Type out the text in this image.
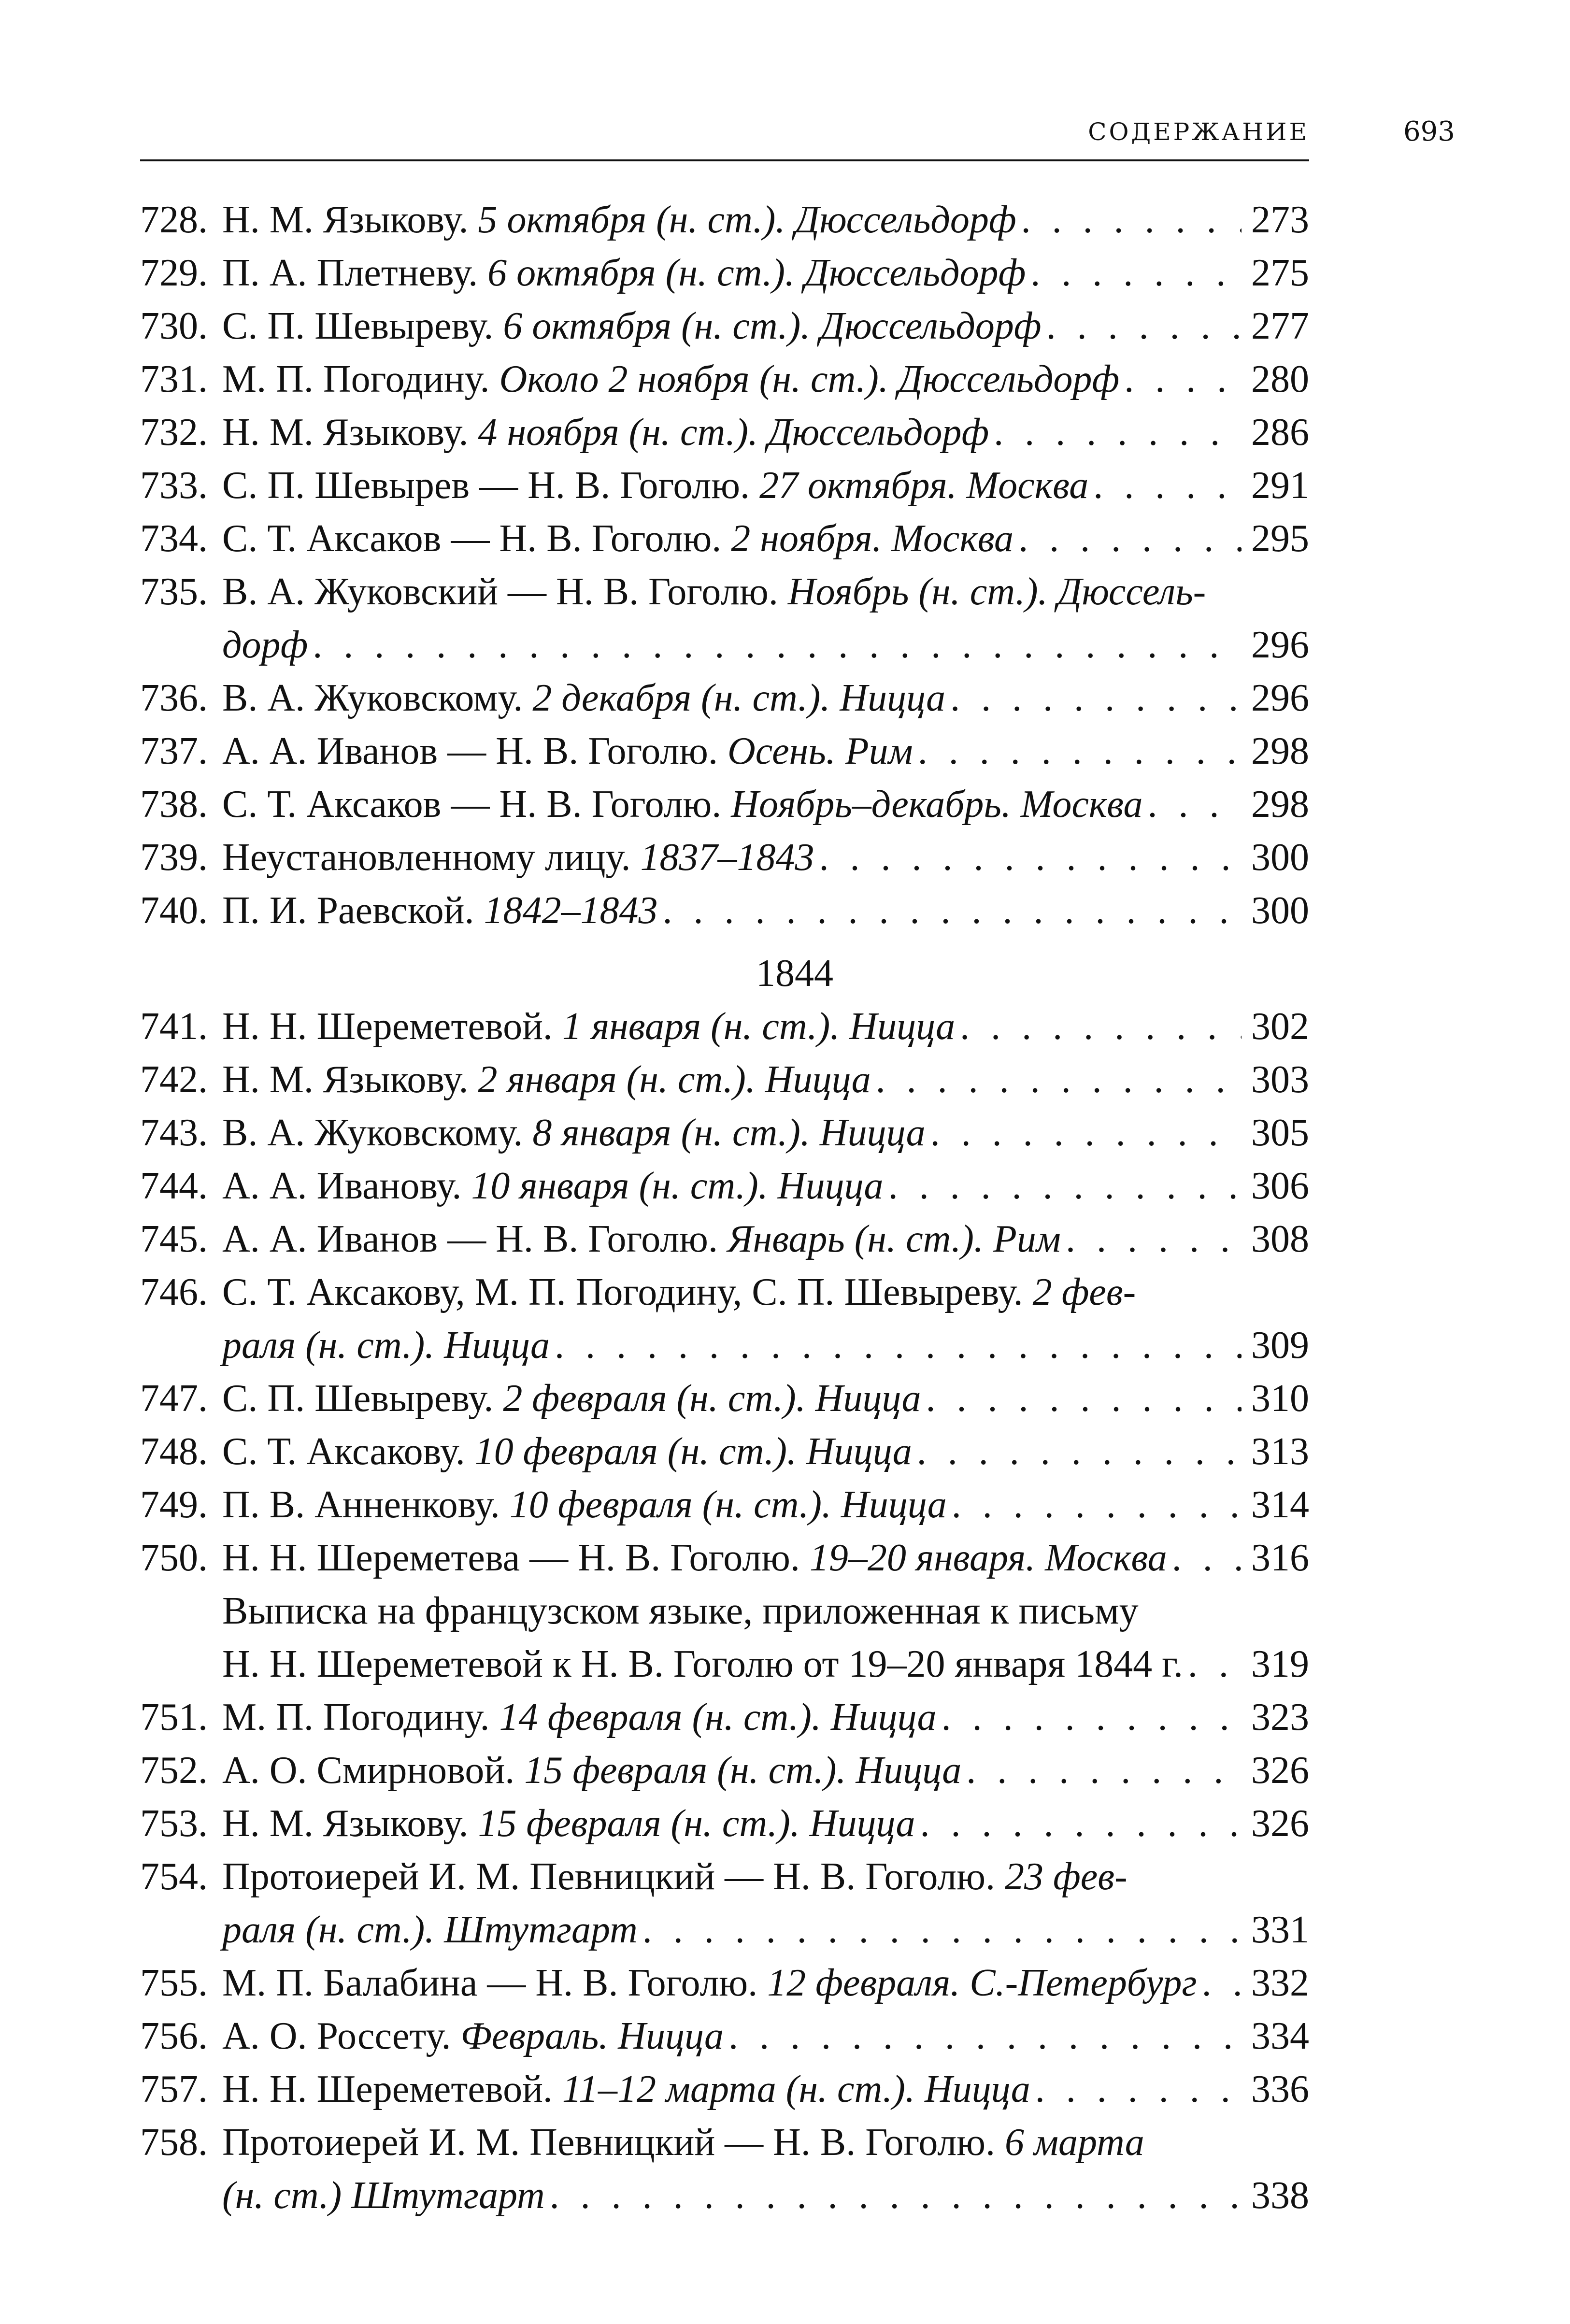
СОДЕРЖАНИЕ	693
728. Н. М. Языкову. 5 октября (н. ст.). Дюссельдорф . . .	273
729. П. А. Плетневу. 6 октября (н. ст.). Дюссельдорф . . .	275
730. С. П. Шевыреву. 6 октября (н. ст.). Дюссельдорф . . .	277
731. М. П. Погодину. Около 2 ноября (н. ст.). Дюссельдорф . . .	280
732. Н. М. Языкову. 4 ноября (н. ст.). Дюссельдорф . . .	286
733. С. П. Шевырев — Н. В. Гоголю. 27 октября. Москва . . .	291
734. С. Т. Аксаков — Н. В. Гоголю. 2 ноября. Москва . . .	295
735. В. А. Жуковский — Н. В. Гоголю. Ноябрь (н. ст.). Дюссель-
дорф . . .	296
736. В. А. Жуковскому. 2 декабря (н. ст.). Ницца . . .	296
737. А. А. Иванов — Н. В. Гоголю. Осень. Рим . . .	298
738. С. Т. Аксаков — Н. В. Гоголю. Ноябрь–декабрь. Москва . . .	298
739. Неустановленному лицу. 1837–1843 . . .	300
740. П. И. Раевской. 1842–1843 . . .	300
1844
741. Н. Н. Шереметевой. 1 января (н. ст.). Ницца . . .	302
742. Н. М. Языкову. 2 января (н. ст.). Ницца . . .	303
743. В. А. Жуковскому. 8 января (н. ст.). Ницца . . .	305
744. А. А. Иванову. 10 января (н. ст.). Ницца . . .	306
745. А. А. Иванов — Н. В. Гоголю. Январь (н. ст.). Рим . . .	308
746. С. Т. Аксакову, М. П. Погодину, С. П. Шевыреву. 2 фев-
раля (н. ст.). Ницца . . .	309
747. С. П. Шевыреву. 2 февраля (н. ст.). Ницца . . .	310
748. С. Т. Аксакову. 10 февраля (н. ст.). Ницца . . .	313
749. П. В. Анненкову. 10 февраля (н. ст.). Ницца . . .	314
750. Н. Н. Шереметева — Н. В. Гоголю. 19–20 января. Москва . . . 316
Выписка на французском языке, приложенная к письму
Н. Н. Шереметевой к Н. В. Гоголю от 19–20 января 1844 г. . . . 319
751. М. П. Погодину. 14 февраля (н. ст.). Ницца . . .	323
752. А. О. Смирновой. 15 февраля (н. ст.). Ницца . . .	326
753. Н. М. Языкову. 15 февраля (н. ст.). Ницца . . .	326
754. Протоиерей И. М. Певницкий — Н. В. Гоголю. 23 фев-
раля (н. ст.). Штутгарт . . .	331
755. М. П. Балабина — Н. В. Гоголю. 12 февраля. С.-Петербург . . . 332
756. А. О. Россету. Февраль. Ницца . . .	334
757. Н. Н. Шереметевой. 11–12 марта (н. ст.). Ницца . . .	336
758. Протоиерей И. М. Певницкий — Н. В. Гоголю. 6 марта
(н. ст.) Штутгарт . . .	338
